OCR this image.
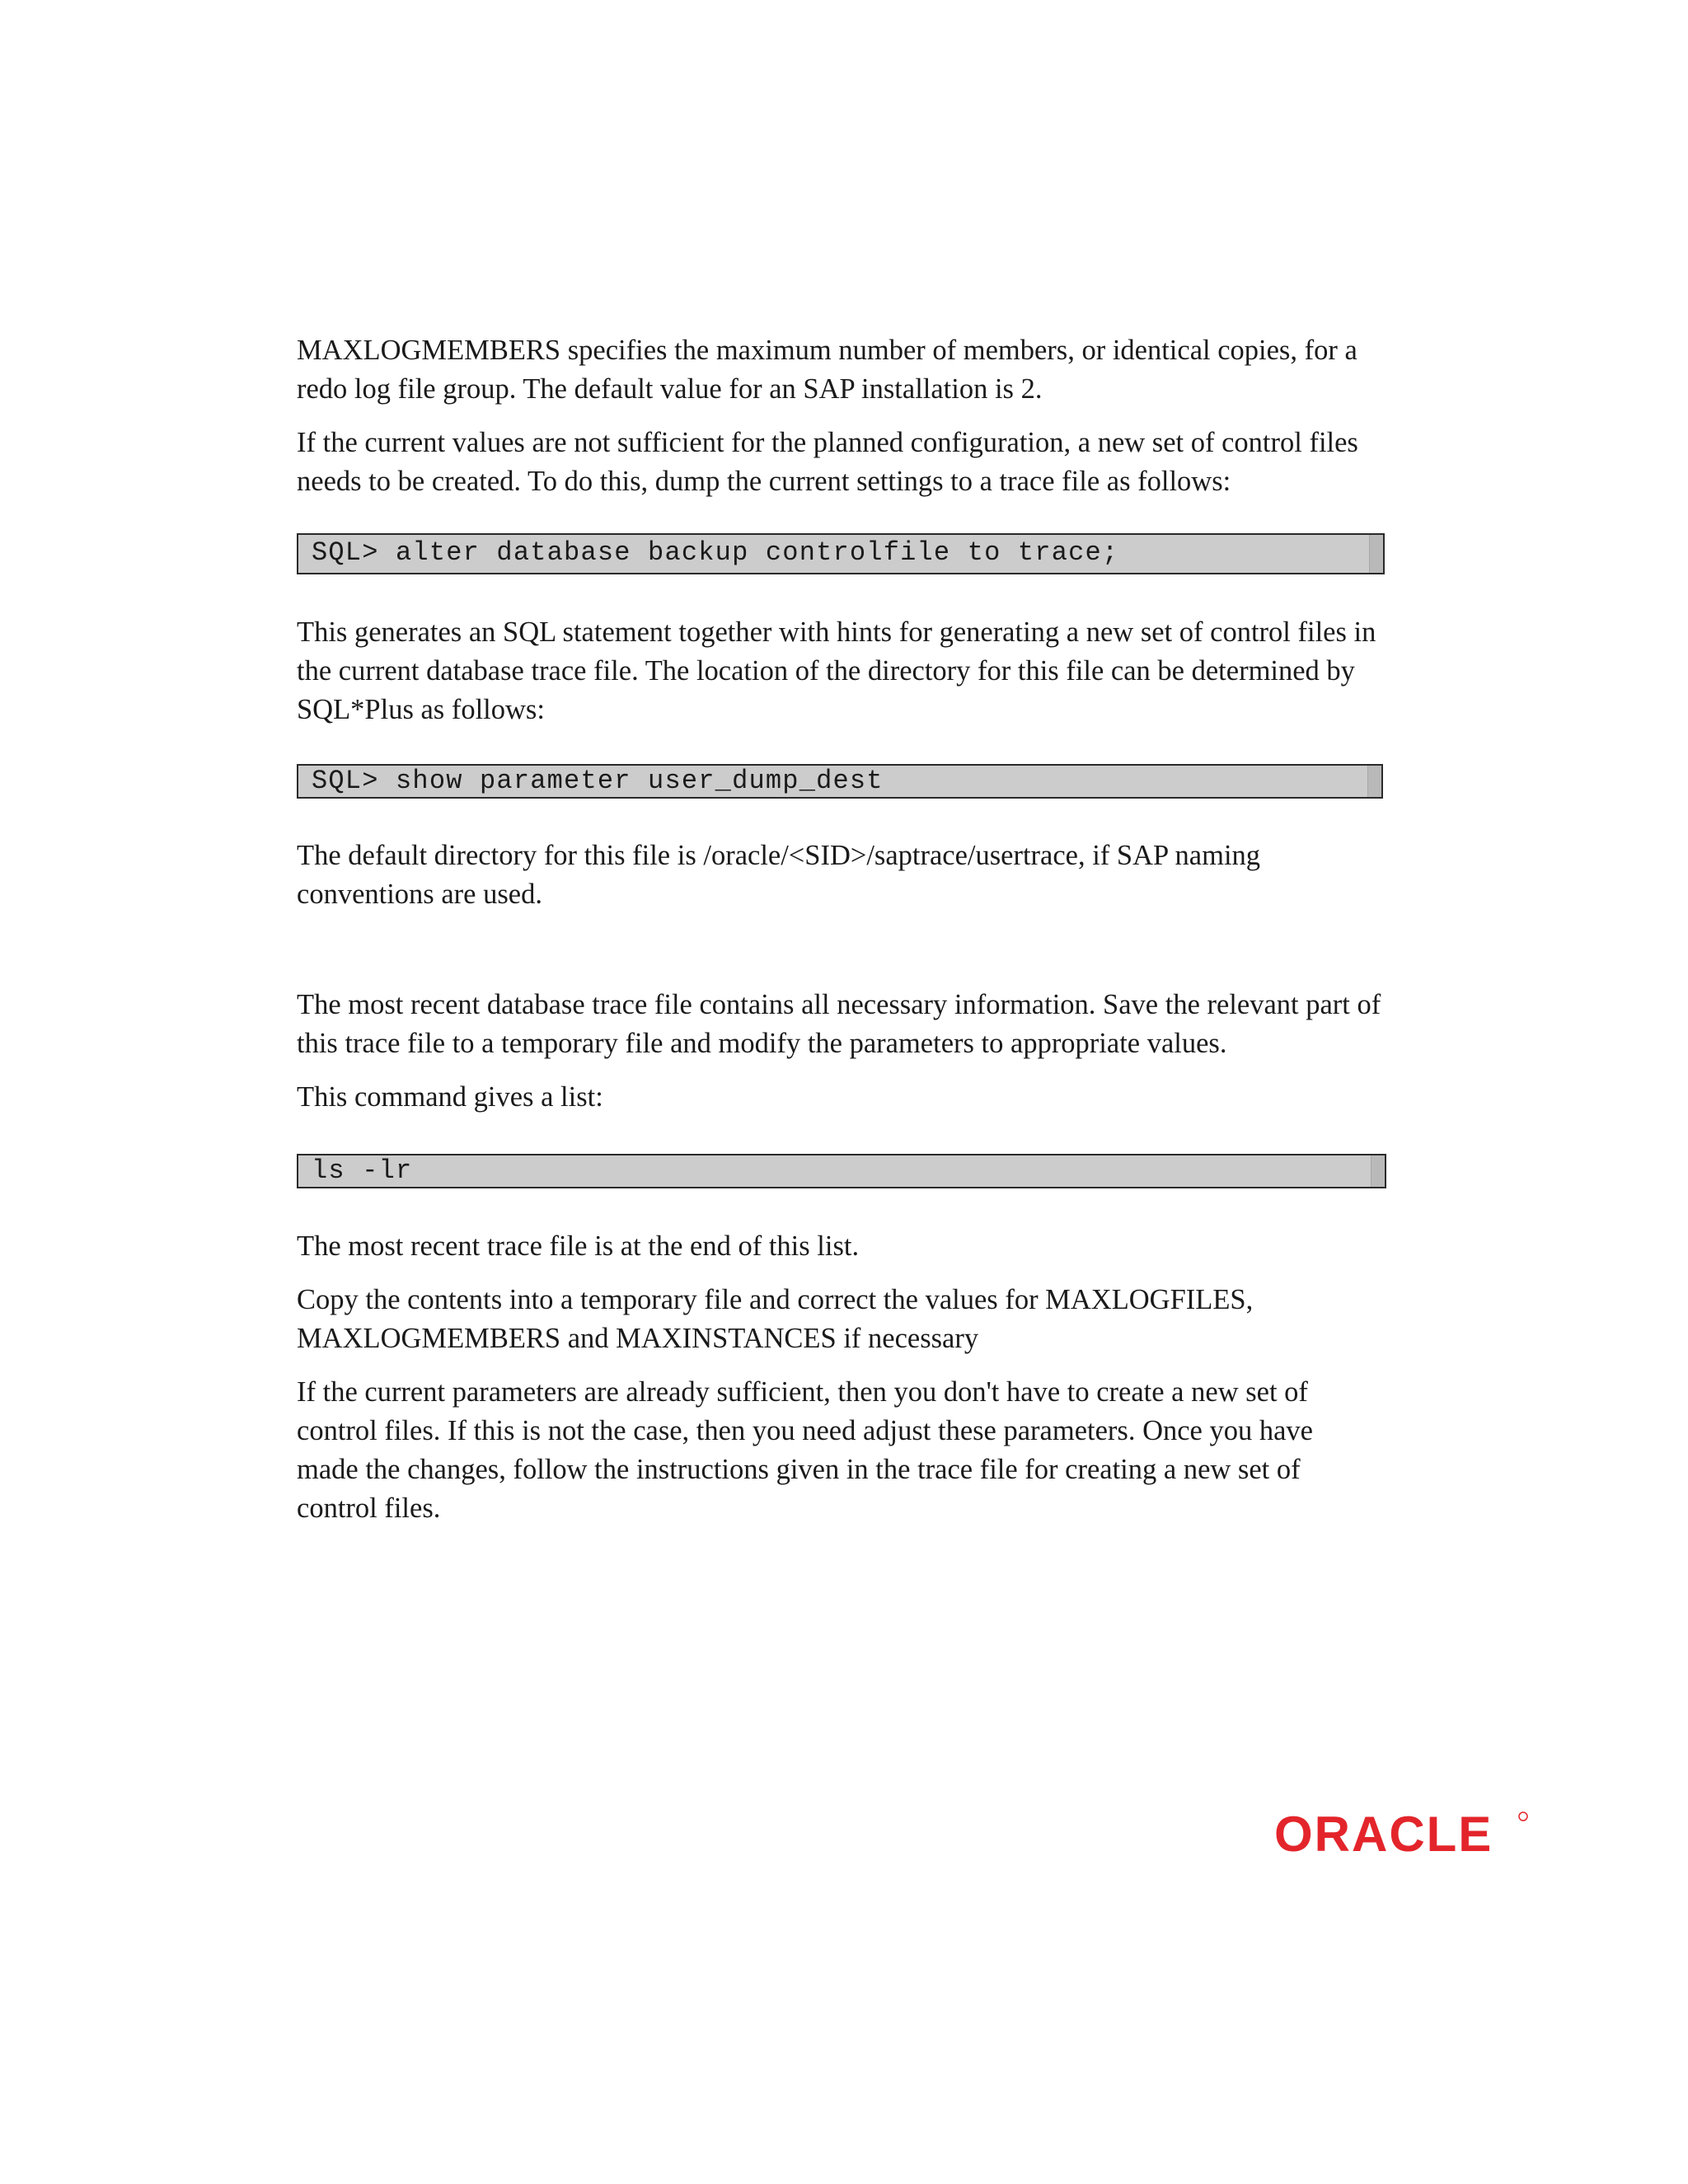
MAXLOGMEMBERS specifies the maximum number of members, or identical copies, for a redo log file group. The default value for an SAP installation is 2.

If the current values are not sufficient for the planned configuration, a new set of control files needs to be created. To do this, dump the current settings to a trace file as follows:

SQL> alter database backup controlfile to trace;

This generates an SQL statement together with hints for generating a new set of control files in the current database trace file. The location of the directory for this file can be determined by SQL*Plus as follows:

SQL> show parameter user_dump_dest

The default directory for this file is /oracle/<SID>/saptrace/usertrace, if SAP naming conventions are used.

The most recent database trace file contains all necessary information. Save the relevant part of this trace file to a temporary file and modify the parameters to appropriate values.

This command gives a list:

ls -lr

The most recent trace file is at the end of this list.

Copy the contents into a temporary file and correct the values for MAXLOGFILES, MAXLOGMEMBERS and MAXINSTANCES if necessary

If the current parameters are already sufficient, then you don't have to create a new set of control files. If this is not the case, then you need adjust these parameters. Once you have made the changes, follow the instructions given in the trace file for creating a new set of control files.

ORACLE
